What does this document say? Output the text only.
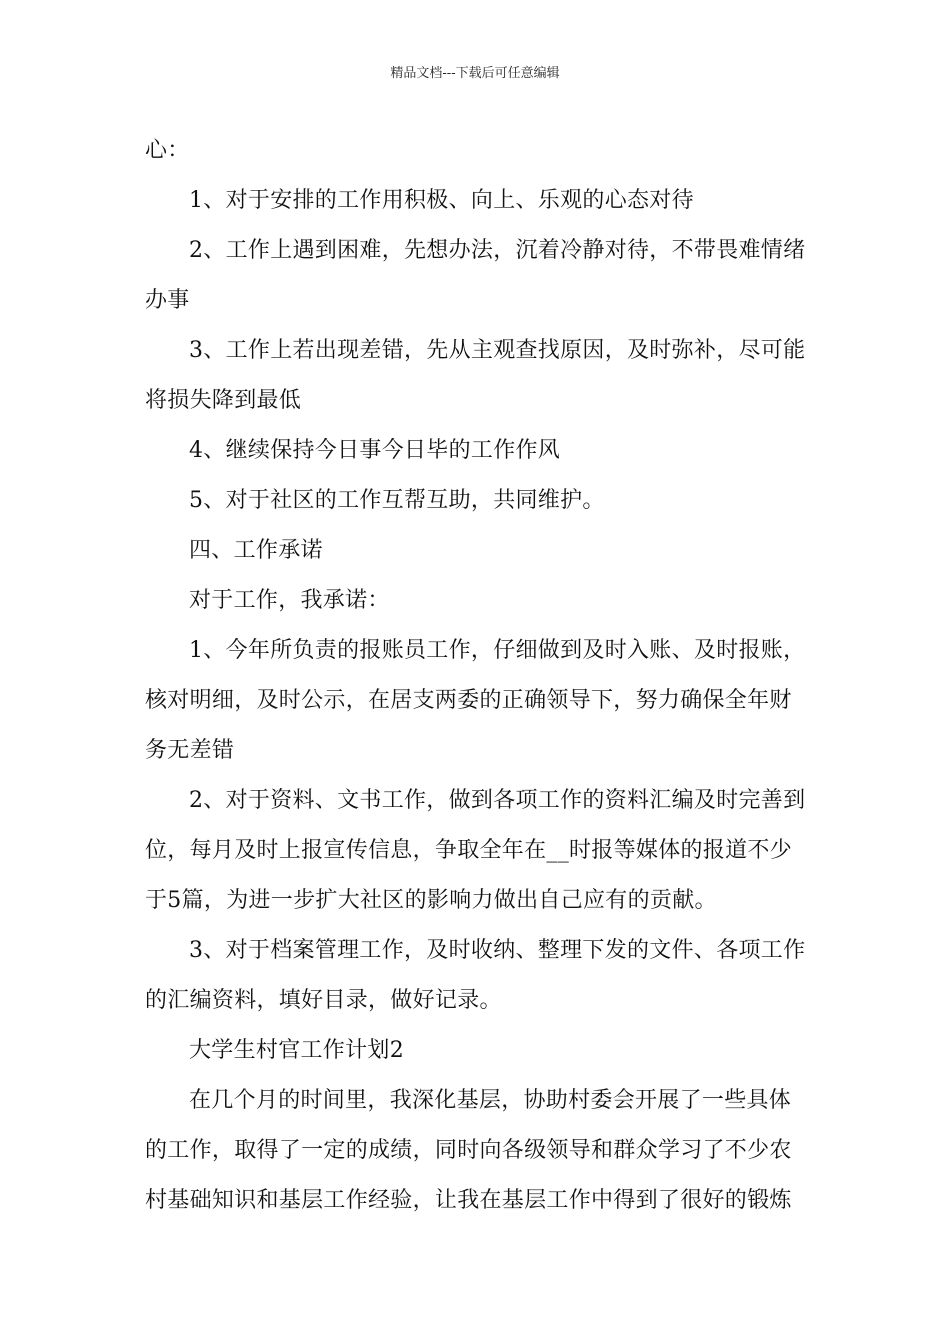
精品文档---下载后可任意编辑

心：

1、对于安排的工作用积极、向上、乐观的心态对待

2、工作上遇到困难，先想办法，沉着冷静对待，不带畏难情绪办事

3、工作上若出现差错，先从主观查找原因，及时弥补，尽可能将损失降到最低

4、继续保持今日事今日毕的工作作风

5、对于社区的工作互帮互助，共同维护。

四、工作承诺

对于工作，我承诺：

1、今年所负责的报账员工作，仔细做到及时入账、及时报账，核对明细，及时公示，在居支两委的正确领导下，努力确保全年财务无差错

2、对于资料、文书工作，做到各项工作的资料汇编及时完善到位，每月及时上报宣传信息，争取全年在__时报等媒体的报道不少于5篇，为进一步扩大社区的影响力做出自己应有的贡献。

3、对于档案管理工作，及时收纳、整理下发的文件、各项工作的汇编资料，填好目录，做好记录。

大学生村官工作计划2

在几个月的时间里，我深化基层，协助村委会开展了一些具体的工作，取得了一定的成绩，同时向各级领导和群众学习了不少农村基础知识和基层工作经验，让我在基层工作中得到了很好的锻炼
